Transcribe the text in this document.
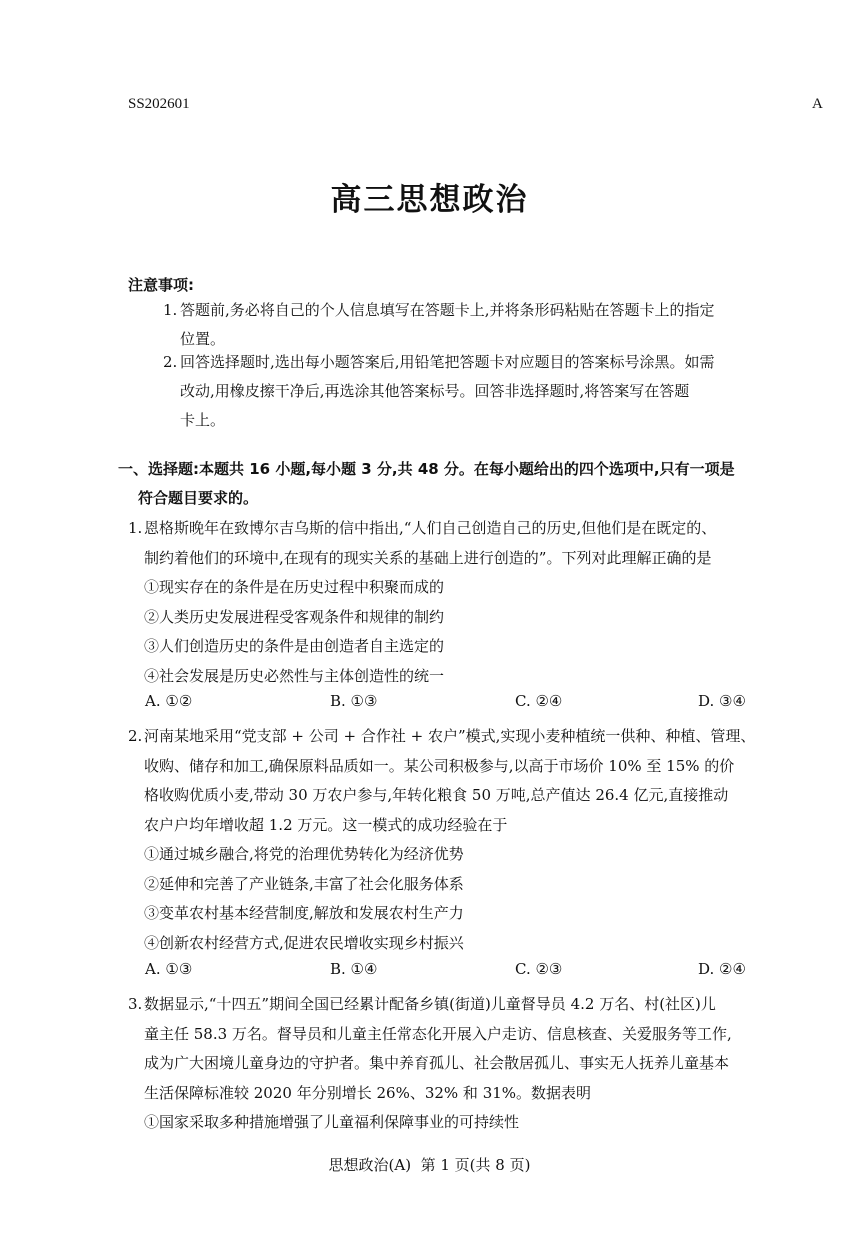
SS202601	A
高三思想政治
注意事项:
1. 答题前,务必将自己的个人信息填写在答题卡上,并将条形码粘贴在答题卡上的指定
位置。
2. 回答选择题时,选出每小题答案后,用铅笔把答题卡对应题目的答案标号涂黑。如需
改动,用橡皮擦干净后,再选涂其他答案标号。回答非选择题时,将答案写在答题
卡上。
一、选择题:本题共 16 小题,每小题 3 分,共 48 分。在每小题给出的四个选项中,只有一项是
符合题目要求的。
1. 恩格斯晚年在致博尔吉乌斯的信中指出,“人们自己创造自己的历史,但他们是在既定的、
制约着他们的环境中,在现有的现实关系的基础上进行创造的”。下列对此理解正确的是
①现实存在的条件是在历史过程中积聚而成的
②人类历史发展进程受客观条件和规律的制约
③人们创造历史的条件是由创造者自主选定的
④社会发展是历史必然性与主体创造性的统一
A. ①②	B. ①③	C. ②④	D. ③④
2. 河南某地采用“党支部 + 公司 + 合作社 + 农户”模式,实现小麦种植统一供种、种植、管理、
收购、储存和加工,确保原料品质如一。某公司积极参与,以高于市场价 10% 至 15% 的价
格收购优质小麦,带动 30 万农户参与,年转化粮食 50 万吨,总产值达 26.4 亿元,直接推动
农户户均年增收超 1.2 万元。这一模式的成功经验在于
①通过城乡融合,将党的治理优势转化为经济优势
②延伸和完善了产业链条,丰富了社会化服务体系
③变革农村基本经营制度,解放和发展农村生产力
④创新农村经营方式,促进农民增收实现乡村振兴
A. ①③	B. ①④	C. ②③	D. ②④
3. 数据显示,“十四五”期间全国已经累计配备乡镇(街道)儿童督导员 4.2 万名、村(社区)儿
童主任 58.3 万名。督导员和儿童主任常态化开展入户走访、信息核查、关爱服务等工作,
成为广大困境儿童身边的守护者。集中养育孤儿、社会散居孤儿、事实无人抚养儿童基本
生活保障标准较 2020 年分别增长 26%、32% 和 31%。数据表明
①国家采取多种措施增强了儿童福利保障事业的可持续性
思想政治(A)  第 1 页(共 8 页)
